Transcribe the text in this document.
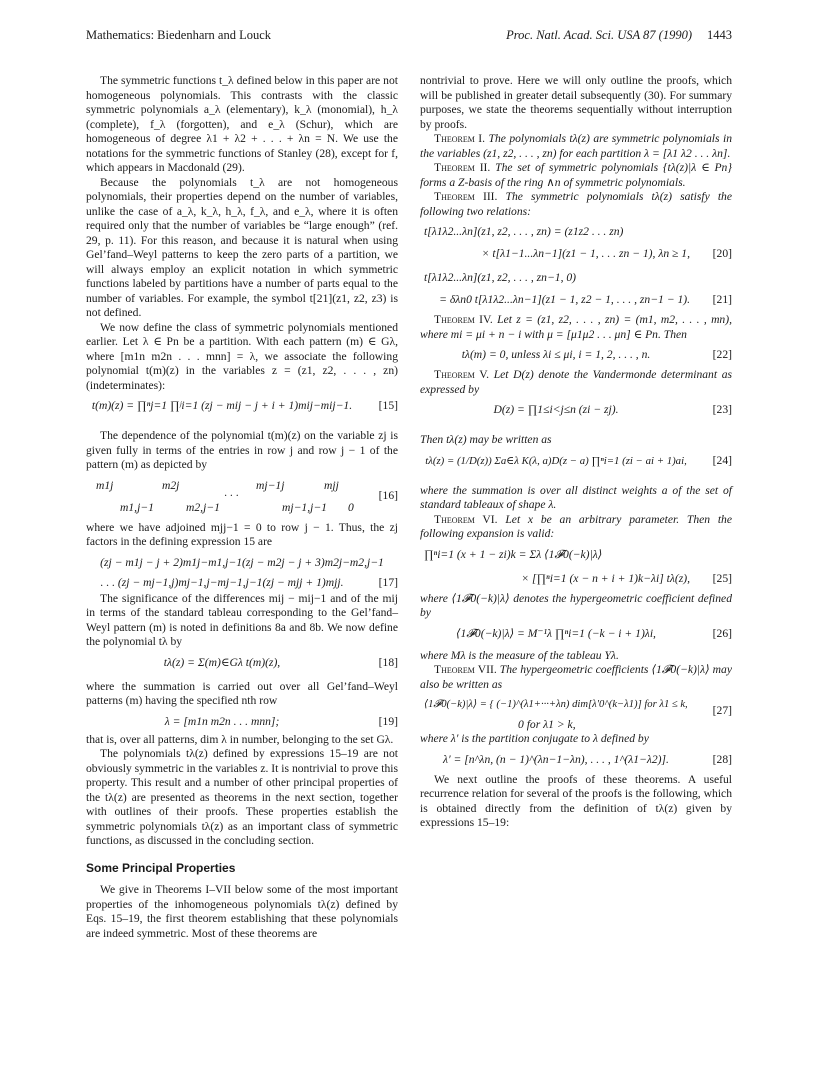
Mathematics: Biedenharn and Louck	Proc. Natl. Acad. Sci. USA 87 (1990) 1443

The symmetric functions t_λ defined below in this paper are not homogeneous polynomials. This contrasts with the classic symmetric polynomials a_λ (elementary), k_λ (monomial), h_λ (complete), f_λ (forgotten), and e_λ (Schur), which are homogeneous of degree λ1 + λ2 + . . . + λn = N. We use the notations for the symmetric functions of Stanley (28), except for f, which appears in Macdonald (29).

Because the polynomials t_λ are not homogeneous polynomials, their properties depend on the number of variables, unlike the case of a_λ, k_λ, h_λ, f_λ, and e_λ, where it is often required only that the number of variables be “large enough” (ref. 29, p. 11). For this reason, and because it is natural when using Gel’fand–Weyl patterns to keep the zero parts of a partition, we will always employ an explicit notation in which symmetric functions labeled by partitions have a number of parts equal to the number of variables. For example, the symbol t[21](z1, z2, z3) is not defined.

We now define the class of symmetric polynomials mentioned earlier. Let λ ∈ Pn be a partition. With each pattern (m) ∈ Gλ, where [m1n m2n . . . mnn] = λ, we associate the following polynomial t(m)(z) in the variables z = (z1, z2, . . . , zn) (indeterminates):

t(m)(z) = ∏ⁿj=1 ∏ʲi=1 (zj − mij − j + i + 1)mij−mij−1.	[15]

The dependence of the polynomial t(m)(z) on the variable zj is given fully in terms of the entries in row j and row j − 1 of the pattern (m) as depicted by

m1j	m2j	mj−1j	mjj
· · ·
m1,j−1	m2,j−1	mj−1,j−1 0
[16]

where we have adjoined mjj−1 = 0 to row j − 1. Thus, the zj factors in the defining expression 15 are

(zj − m1j − j + 2)m1j−m1,j−1(zj − m2j − j + 3)m2j−m2,j−1
. . . (zj − mj−1,j)mj−1,j−mj−1,j−1(zj − mjj + 1)mjj.	[17]

The significance of the differences mij − mij−1 and of the mij in terms of the standard tableau corresponding to the Gel’fand–Weyl pattern (m) is noted in definitions 8a and 8b. We now define the polynomial tλ by

tλ(z) = Σ(m)∈Gλ t(m)(z),	[18]

where the summation is carried out over all Gel’fand–Weyl patterns (m) having the specified nth row

λ = [m1n m2n . . . mnn];	[19]

that is, over all patterns, dim λ in number, belonging to the set Gλ.

The polynomials tλ(z) defined by expressions 15–19 are not obviously symmetric in the variables z. It is nontrivial to prove this property. This result and a number of other principal properties of the tλ(z) are presented as theorems in the next section, together with outlines of their proofs. These properties establish the symmetric polynomials tλ(z) as an important class of symmetric functions, as discussed in the concluding section.

Some Principal Properties

We give in Theorems I–VII below some of the most important properties of the inhomogeneous polynomials tλ(z) defined by Eqs. 15–19, the first theorem establishing that these polynomials are indeed symmetric. Most of these theorems are

nontrivial to prove. Here we will only outline the proofs, which will be published in greater detail subsequently (30). For summary purposes, we state the theorems sequentially without interruption by proofs.

Theorem I. The polynomials tλ(z) are symmetric polynomials in the variables (z1, z2, . . . , zn) for each partition λ = [λ1 λ2 . . . λn].

Theorem II. The set of symmetric polynomials {tλ(z)|λ ∈ Pn} forms a Z-basis of the ring ∧n of symmetric polynomials.

Theorem III. The symmetric polynomials tλ(z) satisfy the following two relations:

t[λ1λ2...λn](z1, z2, . . . , zn) = (z1z2 . . . zn)
× t[λ1−1...λn−1](z1 − 1, . . . zn − 1), λn ≥ 1, [20]
t[λ1λ2...λn](z1, z2, . . . , zn−1, 0)
= δλn0 t[λ1λ2...λn−1](z1 − 1, z2 − 1, . . . , zn−1 − 1). [21]

Theorem IV. Let z = (z1, z2, . . . , zn) = (m1, m2, . . . , mn), where mi = μi + n − i with μ = [μ1μ2 . . . μn] ∈ Pn. Then

tλ(m) = 0, unless λi ≤ μi, i = 1, 2, . . . , n.	[22]

Theorem V. Let D(z) denote the Vandermonde determinant as expressed by

D(z) = ∏1≤i<j≤n (zi − zj).	[23]

Then tλ(z) may be written as

tλ(z) = (1/D(z)) Σa∈λ K(λ, a)D(z − a) ∏ⁿi=1 (zi − ai + 1)ai,	[24]

where the summation is over all distinct weights a of the set of standard tableaux of shape λ.

Theorem VI. Let x be an arbitrary parameter. Then the following expansion is valid:

∏ⁿi=1 (x + 1 − zi)k = Σλ ⟨1𝓕0(−k)|λ⟩
× [∏ⁿi=1 (x − n + i + 1)k−λi] tλ(z), [25]

where ⟨1𝓕0(−k)|λ⟩ denotes the hypergeometric coefficient defined by

⟨1𝓕0(−k)|λ⟩ = M⁻¹λ ∏ⁿi=1 (−k − i + 1)λi,	[26]

where Mλ is the measure of the tableau Yλ.

Theorem VII. The hypergeometric coefficients ⟨1𝓕0(−k)|λ⟩ may also be written as

⟨1𝓕0(−k)|λ⟩ = { (−1)^(λ1+···+λn) dim[λ′0^(k−λ1)] for λ1 ≤ k,	[27]
0 for λ1 > k,

where λ′ is the partition conjugate to λ defined by

λ′ = [n^λn, (n − 1)^(λn−1−λn), . . . , 1^(λ1−λ2)].	[28]

We next outline the proofs of these theorems. A useful recurrence relation for several of the proofs is the following, which is obtained directly from the definition of tλ(z) given by expressions 15–19:
